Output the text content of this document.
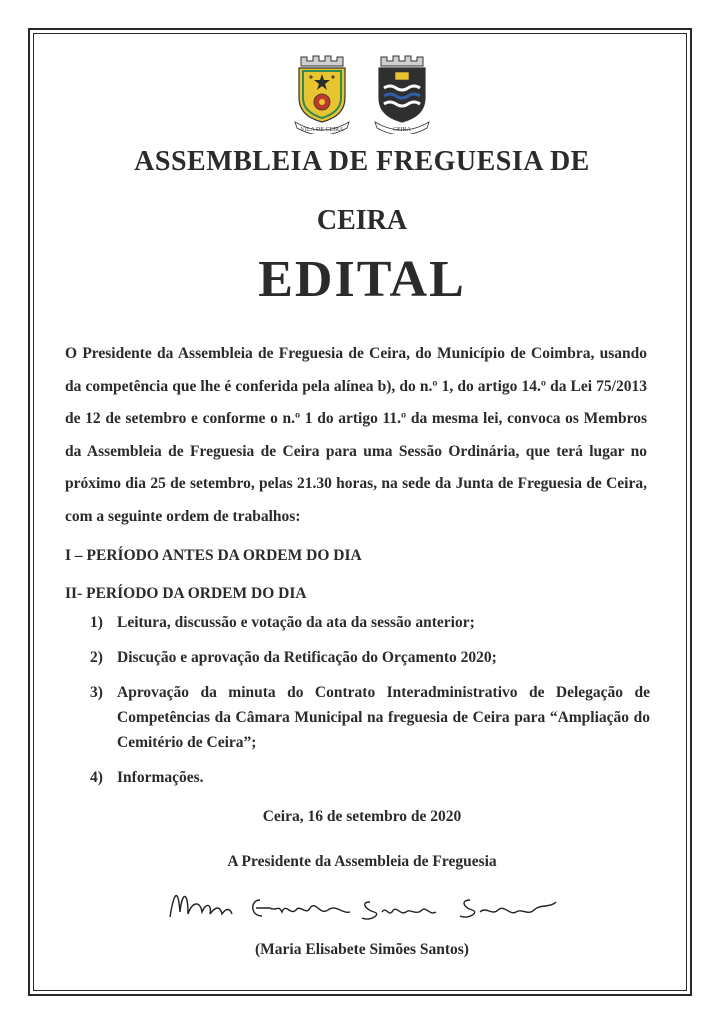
VILA DE CEIRA	CEIRA
ASSEMBLEIA DE FREGUESIA DE
CEIRA
EDITAL

O Presidente da Assembleia de Freguesia de Ceira, do Município de Coimbra, usando da competência que lhe é conferida pela alínea b), do n.º 1, do artigo 14.º da Lei 75/2013 de 12 de setembro e conforme o n.º 1 do artigo 11.º da mesma lei, convoca os Membros da Assembleia de Freguesia de Ceira para uma Sessão Ordinária, que terá lugar no próximo dia 25 de setembro, pelas 21.30 horas, na sede da Junta de Freguesia de Ceira, com a seguinte ordem de trabalhos:

I – PERÍODO ANTES DA ORDEM DO DIA
II- PERÍODO DA ORDEM DO DIA
1) Leitura, discussão e votação da ata da sessão anterior;
2) Discução e aprovação da Retificação do Orçamento 2020;
3) Aprovação da minuta do Contrato Interadministrativo de Delegação de Competências da Câmara Municipal na freguesia de Ceira para “Ampliação do Cemitério de Ceira”;
4) Informações.
Ceira, 16 de setembro de 2020
A Presidente da Assembleia de Freguesia
(Maria Elisabete Simões Santos)
